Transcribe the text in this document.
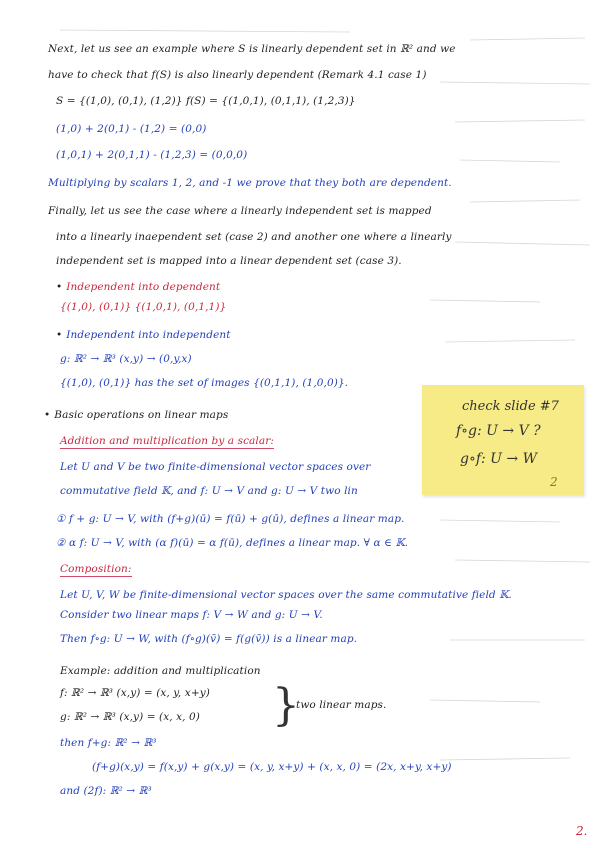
Next, let us see an example where S is linearly dependent set in ℝ² and we
have to check that f(S) is also linearly dependent (Remark 4.1 case 1)
S = {(1,0), (0,1), (1,2)} f(S) = {(1,0,1), (0,1,1), (1,2,3)}
(1,0) + 2(0,1) - (1,2) = (0,0)
(1,0,1) + 2(0,1,1) - (1,2,3) = (0,0,0)
Multiplying by scalars 1, 2, and -1 we prove that they both are dependent.
Finally, let us see the case where a linearly independent set is mapped
into a linearly inaependent set (case 2) and another one where a linearly
independent set is mapped into a linear dependent set (case 3).
• Independent into dependent
{(1,0), (0,1)} {(1,0,1), (0,1,1)}
• Independent into independent
g: ℝ² → ℝ³ (x,y) → (0,y,x)
{(1,0), (0,1)} has the set of images {(0,1,1), (1,0,0)}.
• Basic operations on linear maps
Addition and multiplication by a scalar:
Let U and V be two finite-dimensional vector spaces over
commutative field 𝕂, and f: U → V and g: U → V two lin
① f + g: U → V, with (f+g)(ū) = f(ū) + g(ū), defines a linear map.
② α f: U → V, with (α f)(ū) = α f(ū), defines a linear map. ∀ α ∈ 𝕂.
Composition:
Let U, V, W be finite-dimensional vector spaces over the same commutative field 𝕂.
Consider two linear maps f: V → W and g: U → V.
Then f∘g: U → W, with (f∘g)(v̄) = f(g(v̄)) is a linear map.
Example: addition and multiplication
f: ℝ² → ℝ³ (x,y) = (x, y, x+y)
g: ℝ² → ℝ³ (x,y) = (x, x, 0) }
two linear maps.
then f+g: ℝ² → ℝ³
(f+g)(x,y) = f(x,y) + g(x,y) = (x, y, x+y) + (x, x, 0) = (2x, x+y, x+y)
and (2f): ℝ² → ℝ³
check slide #7
f∘g: U → V ?
g∘f: U → W
2
2.
